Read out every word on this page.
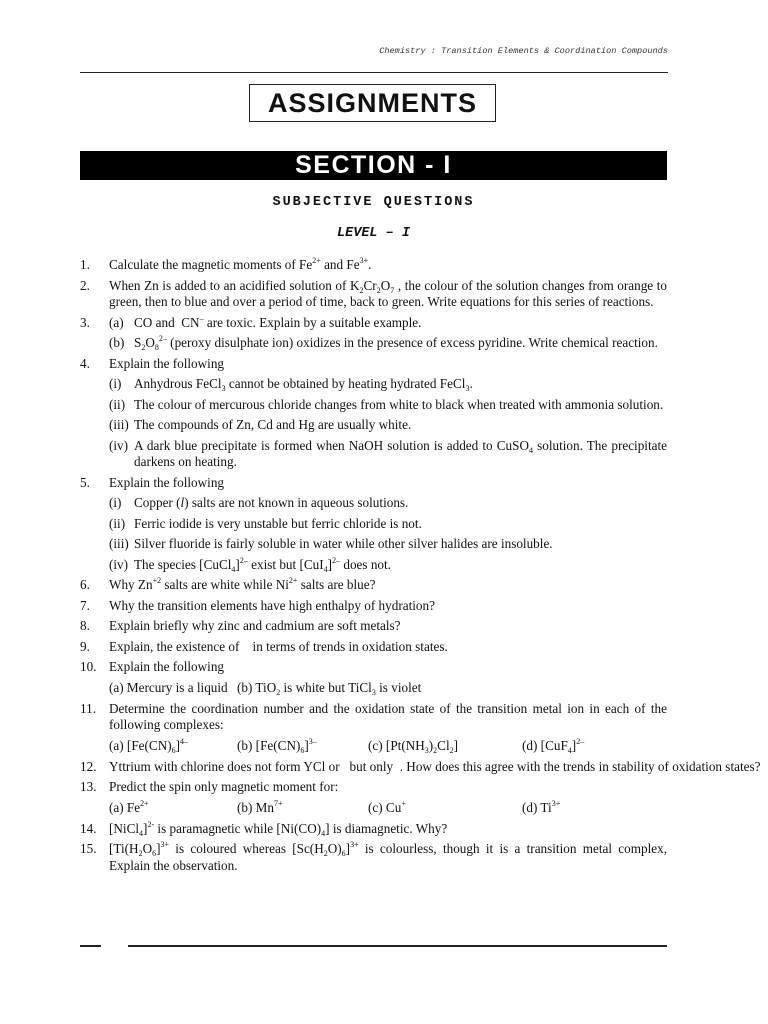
Chemistry : Transition Elements & Coordination Compounds
ASSIGNMENTS
SECTION - I
SUBJECTIVE QUESTIONS
LEVEL – I
1. Calculate the magnetic moments of $Fe^{2+}$ and $Fe^{3+}$.
2. When Zn is added to an acidified solution of $K_2Cr_2O_7$ , the colour of the solution changes from orange to green, then to blue and over a period of time, back to green. Write equations for this series of reactions.
3. (a) CO and  CN– are toxic. Explain by a suitable example.
(b) $S_2O_8^{2-}$ (peroxy disulphate ion) oxidizes in the presence of excess pyridine. Write chemical reaction.
4. Explain the following
(i) Anhydrous FeCl$_3$ cannot be obtained by heating hydrated FeCl$_3$.
(ii) The colour of mercurous chloride changes from white to black when treated with ammonia solution.
(iii) The compounds of Zn, Cd and Hg are usually white.
(iv) A dark blue precipitate is formed when NaOH solution is added to CuSO$_4$ solution. The precipitate darkens on heating.
5. Explain the following
(i) Copper (l) salts are not known in aqueous solutions.
(ii) Ferric iodide is very unstable but ferric chloride is not.
(iii) Silver fluoride is fairly soluble in water while other silver halides are insoluble.
(iv) The species [CuCl$_4$]$^{2-}$ exist but $[CuI_4]^{2-}$ does not.
6. Why $Zn^{+2}$ salts are white while $Ni^{2+}$ salts are blue?
7. Why the transition elements have high enthalpy of hydration?
8. Explain briefly why zinc and cadmium are soft metals?
9. Explain, the existence of    in terms of trends in oxidation states.
10. Explain the following
(a) Mercury is a liquid (b) TiO$_2$ is white but TiCl$_3$ is violet
11. Determine the coordination number and the oxidation state of the transition metal ion in each of the following complexes:
(a) $[Fe(CN)_6]^{4-}$	(b) $[Fe(CN)_6]^{3-}$	(c) $[Pt(NH_3)_2Cl_2]$	(d) $[CuF_4]^{2-}$
12. Yttrium with chlorine does not form YCl or   but only  . How does this agree with the trends in stability of oxidation states?
13. Predict the spin only magnetic moment for:
(a) $Fe^{2+}$	(b) $Mn^{7+}$	(c) Cu+	(d) $Ti^{3+}$
14. [NiCl$_4$]$^{2-}$ is paramagnetic while $[Ni(CO)_4]$ is diamagnetic. Why?
15. [$Ti(H_2O_6]^{3+}$ is coloured whereas $[Sc(H_2O)_6]^{3+}$ is colourless, though it is a transition metal complex, Explain the observation.
